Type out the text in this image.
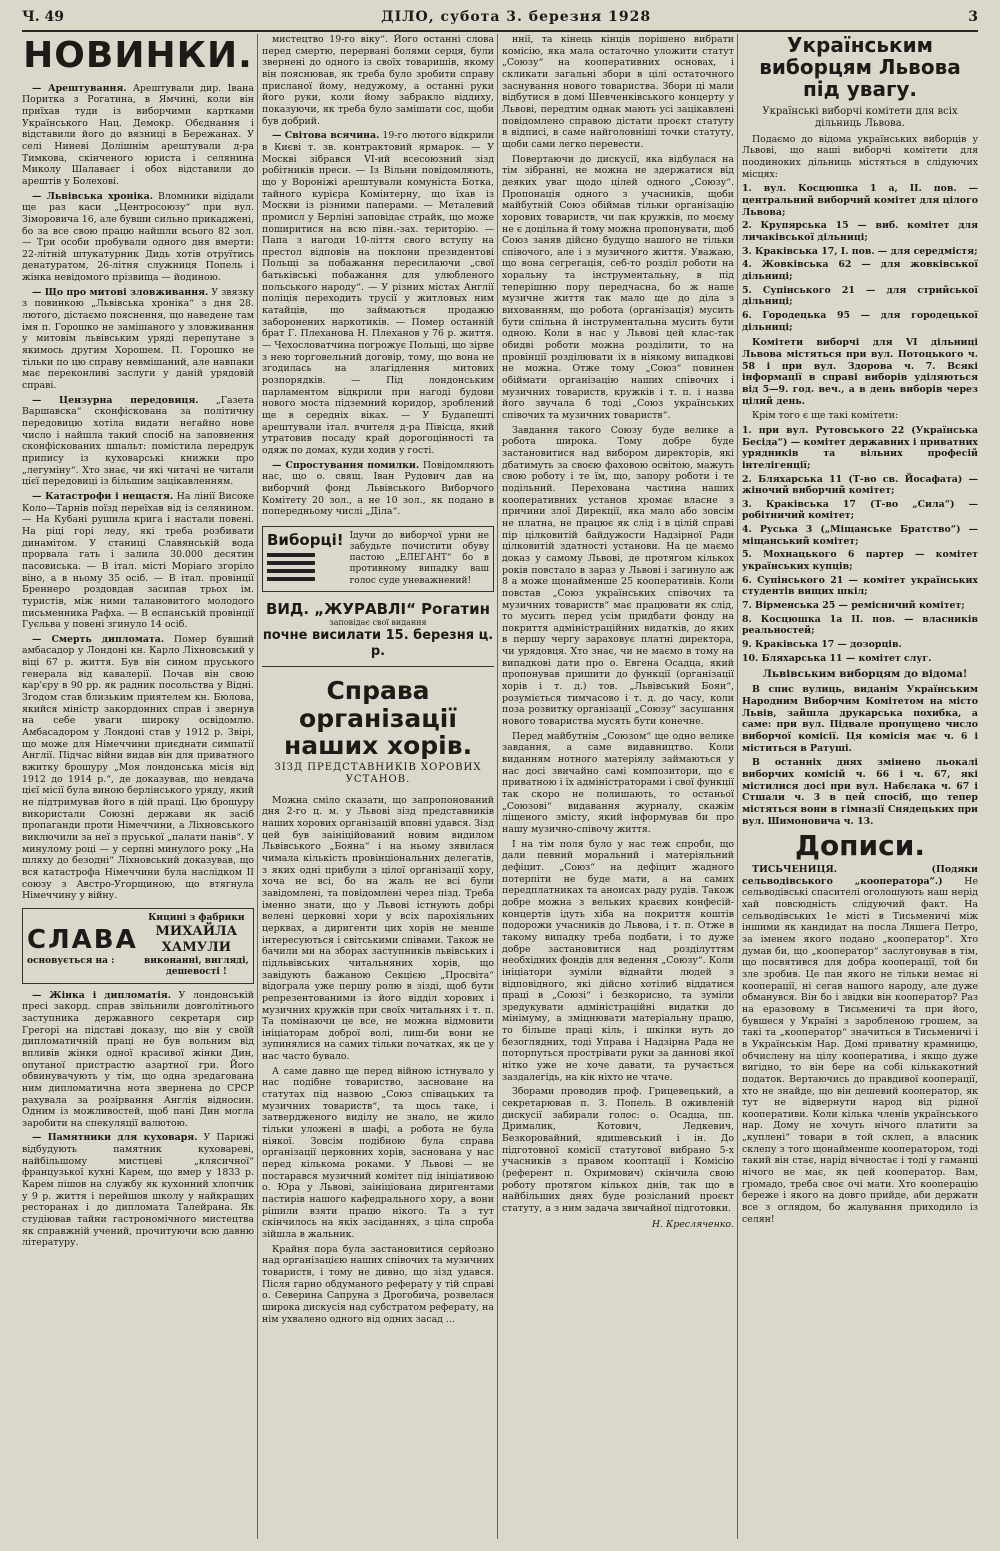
Ч. 49	ДІЛО, субота 3. березня 1928	3
НОВИНКИ.

— Арештування. Арештували дир. Івана Поритка з Рогатина, в Ямчині, коли він приїхав туди із виборчими картками Українського Нац. Демокр. Обєднання і відставили його до вязниці в Бережанах. У селі Ниневі Долішнім арештували д-ра Тимкова, скінченого юриста і селянина Миколу Шалаваєг і обох відставили до арештів у Болехові.

— Львівська хроніка. Вломники відідали ще раз каси „Центросоюзу“ при вул. Зіморовича 16, але бувши сильно прикаджені, бо за все свою працю найшли всього 82 зол. — Три особи пробували одного дня вмерти: 22-літній штукатурник Дидь хотів отруїтись денатуратом, 26-літня служниця Попель і жінка невідомого прізвища — йодиною.

— Що про митові зловживання. У звязку з повинкою „Львівська хроніка“ з дня 28. лютого, дістаємо пояснення, що наведене там імя п. Горошко не замішаного у зловживання у митовім львівським уряді перепутане з якимось другим Хорошем. П. Горошко не тільки по цю справу невмішаний, але навпаки має переконливі заслуги у даній урядовій справі.

— Цензурна передовиця. „Газета Варшавска“ сконфіскована за політичну передовицю хотіла видати негайно нове число і найшла такий спосіб на заповнення сконфіскованих шпальт: помістила передрук припису із куховарські книжки про „легуміну“. Хто знає, чи якi читачі не читали цієї передовиці із більшим зацікавленням.

— Катастрофи і нещастя. На лінії Високе Коло—Тарнів поїзд переїхав від із селянином. — На Кубані рушила крига і настали повені. На ріці горі леду, які треба розбивати динамітом. У станиці Славянській вода прорвала гать і залила 30.000 десятин пасовиська. — В італ. місті Моріаго згоріло віно, а в ньому 35 осіб. — В італ. провінції Бреннеро роздовдав засипав трьох ім. туристів, між ними талановитого молодого письменника Рафха. — В еспанській провінції Гуєльва у повені згинуло 14 осіб.

— Смерть дипломата. Помер бувший амбасадор у Лондоні кн. Карло Ліхновський у віці 67 р. життя. Був він сином пруського генерала від кавалерії. Почав він свою кар'єру в 90 рр. як радник посольства у Відні. Згодом став близьким приятелем кн. Бюлова, якийся міністр закордонних справ і звернув на себе уваги широку освідомлю. Амбасадором у Лондоні став у 1912 р. Звірі, що може для Німеччини приєднати симпатії Англії. Підчас війни видав він для приватного вжитку брошуру „Моя лондонська місія від 1912 до 1914 р.“, де доказував, що невдача цієї місії була виною берлінського уряду, який не підтримував його в цій праці. Цю брошуру використали Союзні держави як засіб пропаганди проти Німеччини, а Ліхновського виключили за неї з пруської „палати панів“. У минулому році — у серпні минулого року „На шляху до безодні“ Ліхновський доказував, що вся катастрофа Німеччини була наслідком II союзу з Австро-Угорщиною, що втягнула Німеччину у війну.

СЛАВА
основується на :
Кицині з фабрики
МИХАЙЛА ХАМУЛИ
виконанні, вигляді, дешевості !

— Жінка і дипломатія. У лондонській пресі закорд. справ звільнили довголітнього заступника державного секретаря сир Грегорі на підставі доказу, що він у своїй дипломатичній праці не був вольним від впливів жінки одної красивої жінки Дин, опутаної пристрастю азартної гри. Його обвинувачують у тім, що одна зредагована ним дипломатична нота звернена до СРСР рахувала за розірвання Англія відносин. Одним із можливостей, щоб пані Дин могла заробити на спекуляції валютою.

— Памятники для куховаря. У Парижі відбудують памятник куховареві, найбільшому мистцеві „клясичної“ французької кухні Карем, що вмер у 1833 р. Карем пішов на службу як кухонний хлопчик у 9 р. життя і перейшов школу у найкращих ресторанах і до дипломата Талейрана. Як студіював тайни гастрономічного мистецтва як справжній учений, прочитуючи всю давню літературу.

мистецтво 19-го віку“. Його останні слова перед смертю, перервані болями серця, були звернені до одного із своїх товаришів, якому він пояснював, як треба було зробити справу присланої йому, недужому, а останні руки його руки, коли йому забракло віддиху, показуючи, як треба було замішати сос, щоби був добрий.

— Світова всячина. 19-го лютого відкрили в Києві т. зв. контрактовий ярмарок. — У Москві зібрався VI-ий всесоюзний зізд робітників преси. — Із Вільни повідомляють, що у Вороніжі арештували комуніста Ботка, тайного курієра Комінтерну, що їхав із Москви із різними паперами. — Металевий промисл у Берліні заповідає страйк, що може поширитися на всю півн.-зах. територію. — Папа з нагоди 10-ліття свого вступу на престол відповів на поклони президентові Польщі за побажання пересилаючи „свої батьківські побажання для улюбленого польського народу“. — У різних містах Англії поліція переходить трусії у житловых ним катайців, що займаються продажю заборонених наркотиків. — Помер останній брат Г. Плеханова Н. Плеханов у 76 р. життя. — Чехословатчина погрожує Польщі, що зірве з нею торговельний договір, тому, що вона не згодилась на злагідлення митових розпорядків. — Під лондонським парламентом відкрили при нагоді будови нового моста підземний коридор, зроблений ще в середніх віках. — У Будапешті арештували італ. вчителя д-ра Півісца, який утратовив посаду край дорогоцінності та одяж по домах, куди ходив у гості.

— Спростування помилки. Повідомляють нас, що о. свящ. Іван Рудович дав на виборчий фонд Львівського Виборчого Комітету 20 зол., а не 10 зол., як подано в попередньому числі „Діла“.

Виборці! Ідучи до виборчої урни не забудьте почистити обуву пастою „ЕЛЕГАНТ“ бо в противному випадку ваш голос суде уневажнений!
ВИД. „ЖУРАВЛІ“ Рогатин
заповідає свої видання
почне висилати 15. березня ц. р.
Справа організації наших хорів.
ЗІЗД ПРЕДСТАВНИКІВ ХОРОВИХ УСТАНОВ.

Можна сміло сказати, що запропонований дня 2-го ц. м. у Львові зізд представників наших хорових організацій вповні удався. Зізд цей був заініційований новим видилом Львівського „Бояна“ і на ньому зявилася чимала кількість провінціональних делегатів, з яких одні прибули з цілої організації хору, хоча не всі, бо на жаль не всі були завідомлені, та повідомлені через пізд. Треба іменно знати, що у Львові істнують добрі велені церковні хори у всіх парохіяльних церквах, а диригенти цих хорів не менше інтересуються і світськими співами. Також не бачили ми на зборах заступників львівських і підльвівських читальняних хорів, що завідують бажаною Секцією „Просвіта“ відограла уже першу ролю в зізді, щоб бути репрезентованими із його відділ хорових і музичних кружків при своїх читальнях і т. п. Та помінаючи це все, не можна відмовити ініціаторам доброї волі, лиш-би вони не зупинялися на самих тільки початках, як це у нас часто бувало.

А саме давно ще перед війною істнувало у нас подібне товариство, засноване на статутах під назвою „Союз співацьких та музичних товариств“, та щось таке, і затвердженого виділу не знало, не жило тільки уложені в шафі, а робота не була ніякої. Зовсім подібною була справа організації церковних хорів, заснована у нас перед кількома роками. У Львові — не постарався музичний комітет під ініціативою о. Юра у Львові, заініціована диригентами пастирів нашого кафедрального хору, а вони рішили взяти працю нікого. Та з тут скінчилось на якіх засіданнях, з ціла спроба зійшла в жальник.

Крайня пора була застановитися серйозно над організацією наших співочих та музичних товариств, і тому не дивно, що зізд удався. Після гарно обдуманого реферату у тій справі о. Северина Сапруна з Дрогобича, розвелася широка дискусія над субстратом реферату, на нім ухвалено одного від одних засад ...

ннії, та кінець кінців порішено вибрати комісію, яка мала остаточно уложити статут „Союзу“ на кооперативних основах, і скликати загальні збори в цілі остаточного заснування нового товариства. Збори ці мали відбутися в домі Шевченківського концерту у Львові, передтим однак мають усі зацікавлені повідомлено справою дістати проєкт статуту в відписі, в саме найголовніші точки статуту, щоби сами легко перевести.

Повертаючи до дискусії, яка відбулася на тім зібранні, не можна не здержатися від деяких уваг щодо цілей одного „Союзу“. Пропонація одного з учасників, щоби майбутній Союз обіймав тільки організацію хорових товариств, чи пак кружків, по моєму не є доцільна й тому можна пропонувати, щоб Союз заняв дійсно будущо нашого не тільки співочого, але і з музичного життя. Уважаю, що вона сегрегація, себ-то розділ роботи на хоральну та інструментальну, в під теперішню пору передчасна, бо ж наше музичне життя так мало ще до діла з вихованням, що робота (організація) мусить бути спільна й інструментальна мусить бути одною. Коли в нас у Львові цей клас-так обидві роботи можна розділити, то на провінції розділювати іх в ніякому випадкові не можна. Отже тому „Союз“ повинен обіймати організацію наших співочих і музичних товариств, кружків і т. п. і назва його звучала б тоді „Союз українських співочих та музичних товариств“.

Завдання такого Союзу буде велике а робота широка. Тому добре буде застановитися над вибором директорів, які дбатимуть за своєю фаховою освітою, мажуть свою роботу і те їм, що, запору роботи і те подільний. Перехована частина наших кооперативних установ хромає власне з причини злої Дирекції, яка мало або зовсім не платна, не працює як слід і в цілій справі пір цілковитій байдужости Надзірної Ради цілковитій здатності установи. На це маємо доказ у самому Львові, де протягом кількох років повстало в зараз у Львові і загинуло аж 8 а може щонайменше 25 кооперативів. Коли повстав „Союз українських співочих та музичних товариств“ має працювати як слід, то мусить перед усім придбати фонду на покриття адміністраційних видатків, до яких в першу чергу зараховує платні директора, чи урядовця. Хто знає, чи не маємо в тому на випадкові дати про о. Евгена Осадца, який пропонував пришити до функції (організації хорів і т. д.) тов. „Львівський Боян“, розуміється тимчасово і т. д. до часу, коли поза розвитку організації „Союзу“ засушання нового товариства мусять бути конечне.

Перед майбутнім „Союзом“ ще одно велике завдання, а саме видавництво. Коли виданням нотного матеріялу займаються у нас досі звичайно самі композитори, що є приватною і їх адміністраторами і свої функції так скоро не полишають, то останьої „Союзові“ видавання журналу, скажім ліщеного змісту, який інформував би про нашу музично-співочу життя.

І на тім поля було у нас теж спроби, що дали певний моральний і матеріяльний дефіцит. „Союз“ на дефіцит жадного потерпіти не буде мати, а на самих передплатниках та аноисах раду рудів. Також добре можна з вельких краєвих конфесій-концертів ідуть хіба на покриття коштів подорожи учасників до Львова, і т. п. Отже в такому випадку треба подбати, і то дуже добре застановитися над розділуттям необхідних фондів для ведення „Союзу“. Коли ініціатори зуміли віднайти людей з відповідного, які дійсно хотілиб віддатися праці в „Союзі“ і безкорисно, та зуміли зредукувати адміністраційні видатки до мінімуму, а зміцнювати матеріальну працю, то більше праці кіль, і шкілки нуть до безоглядних, тоді Управа і Надзірна Рада не поторпуться прострівати руки за даннові якої нітко уже не хоче давати, та ручається заздалегідь, на кік ніхто не чтаче.

Зборами проводив проф. Грицевецький, а секретарював п. З. Попель. В оживленій дискусії забирали голос: о. Осадца, пп. Дрималик, Котович, Ледкевич, Безкоровайний, ядишевський і ін. До підготовної комісії статутової вибрано 5-х учасників з правом кооптації і Комісію (референт п. Охримович) скінчила свою роботу протягом кількох днів, так що в найбільших днях буде розісланий проєкт статуту, а з ним задача звичайної підготовки.

Н. Кресляченко.
Українським виборцям Львова під увагу.

Українські виборчі комітети для всіх дільниць Львова.

Подаємо до відома українських виборців у Львові, що наші виборчі комітети для поодиноких дільниць містяться в слідуючих місцях:

1. вул. Косцюшка 1 а, II. пов. — центральний виборчий комітет для цілого Львова;
2. Крупярська 15 — виб. комітет для личаківської дільниці;
3. Краківська 17, I. пов. — для середмістя;
4. Жовківська 62 — для жовківської дільниці;
5. Супінського 21 — для стрийської дільниці;
6. Городецька 95 — для городецької дільниці;

Комітети виборчі для VI дільниці Львова містяться при вул. Потоцького ч. 58 і при вул. Здорова ч. 7. Всякі інформації в справі виборів уділяються від 5—9. год. веч., а в день виборів через цілий день.

Крім того є ще такі комітети:

1. при вул. Рутовського 22 (Українська Бесіда“) — комітет державних і приватних урядників та вільних професій інтелігенції;
2. Бляхарська 11 (Т-во св. Йосафата) — жіночий виборчий комітет;
3. Краківська 17 (Т-во „Сила“) — робітничий комітет;
4. Руська 3 („Міщанське Братство“) — міщанський комітет;
5. Мохнацького 6 партер — комітет українських купців;
6. Супінського 21 — комітет українських студентів вищих шкіл;
7. Вірменська 25 — ремісничий комітет;
8. Косцюшка 1а II. пов. — власників реальностей;
9. Краківська 17 — дозорців.
10. Бляхарська 11 — комітет слуг.

Львівським виборцям до відома!

В спис вулиць, виданім Українським Народним Виборчим Комітетом на місто Львів, зайшла друкарська похибка, а саме: при вул. Підвале пропущено число виборчої комісії. Ця комісія має ч. 6 і міститься в Ратуші.

В останніх днях змінено льокалі виборчих комісій ч. 66 і ч. 67, які містилися досі при вул. Набєлака ч. 67 і Стшали ч. 3 в цей спосіб, що тепер містяться вони в гімназії Снядецьких при вул. Шимоновича ч. 13.

Дописи.

ТИСЬЧЕНИЦЯ. (Подяки сельводівського „кооператора“.) Не сельводівські спасителі оголошують наш нерід хай повсюдність слідуючий факт. На сельводівських 1е місті в Тисьменичі між іншими як кандидат на посла Ляшега Петро, за іменем якого подано „кооператор“. Хто думав би, що „кооператор“ заслуговував в тім, що посвятився для добра кооперації, той би зле зробив. Це пан якого не тільки немає ні кооперації, ні сегав нашого народу, але дуже обманувся. Він бо і звідки він кооператор? Раз на еразовому в Тисьменичі та при його, бувшеся у Україні з заробленою грошем, за такі та „кооператор“ значиться в Тисьменичі і в Українськім Нар. Домі приватну крамницю, обчислену на цілу кооператива, і якщо дуже вигідно, то він бере на собі кількакотний податок. Вертаючись до правдивої кооперації, хто не знайде, що він дешевий кооператор, як тут не відвернути народ від рідної кооперативи. Коли кілька членів українського нар. Дому не хочуть нічого платити за „куплені“ товари в той склеп, а власник склепу з того щонайменше кооператором, тоді такий він стає, нарід вічностає і тоді у гаманці нічого не має, як цей кооператор. Вам, громадо, треба своє очі мати. Хто кооперацію береже і якого на довго прийде, аби держати все з оглядом, бо жалування приходило із селян!
